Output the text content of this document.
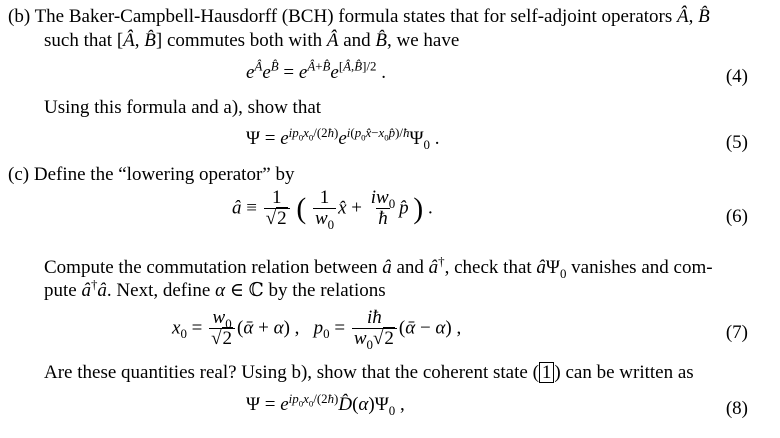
(b) The Baker-Campbell-Hausdorff (BCH) formula states that for self-adjoint operators Â, B̂
such that [Â, B̂] commutes both with Â and B̂, we have
$e^Âe^{B̂} = e^{Â+B̂}e^{[Â,B̂]/2}$ .	(4)
Using this formula and a), show that
$\Psi = e^{ip_0x_0/(2ħ)}e^{i(p_0x̂-x_0p̂)/ħ}\Psi_0$ .	(5)
(c) Define the “lowering operator” by
â ≡ $\frac{1}{√2}$ ( $\frac{1}{w_0}$ x̂ + $\frac{iw_0}{ħ}$ p̂ ) .	(6)
Compute the commutation relation between â and â†, check that $â\Psi_0$ vanishes and com-
pute â†â. Next, define α ∈ ℂ by the relations
$x_0 = \frac{w_0}{√2}$ (ᾱ + α) ,   $p_0 = \frac{iħ}{w_0√2}$ (ᾱ − α) ,	(7)
Are these quantities real? Using b), show that the coherent state ( 1 ) can be written as
$\Psi = e^{ip_0x_0/(2ħ)}D̂(\alpha)\Psi_0$ ,	(8)
